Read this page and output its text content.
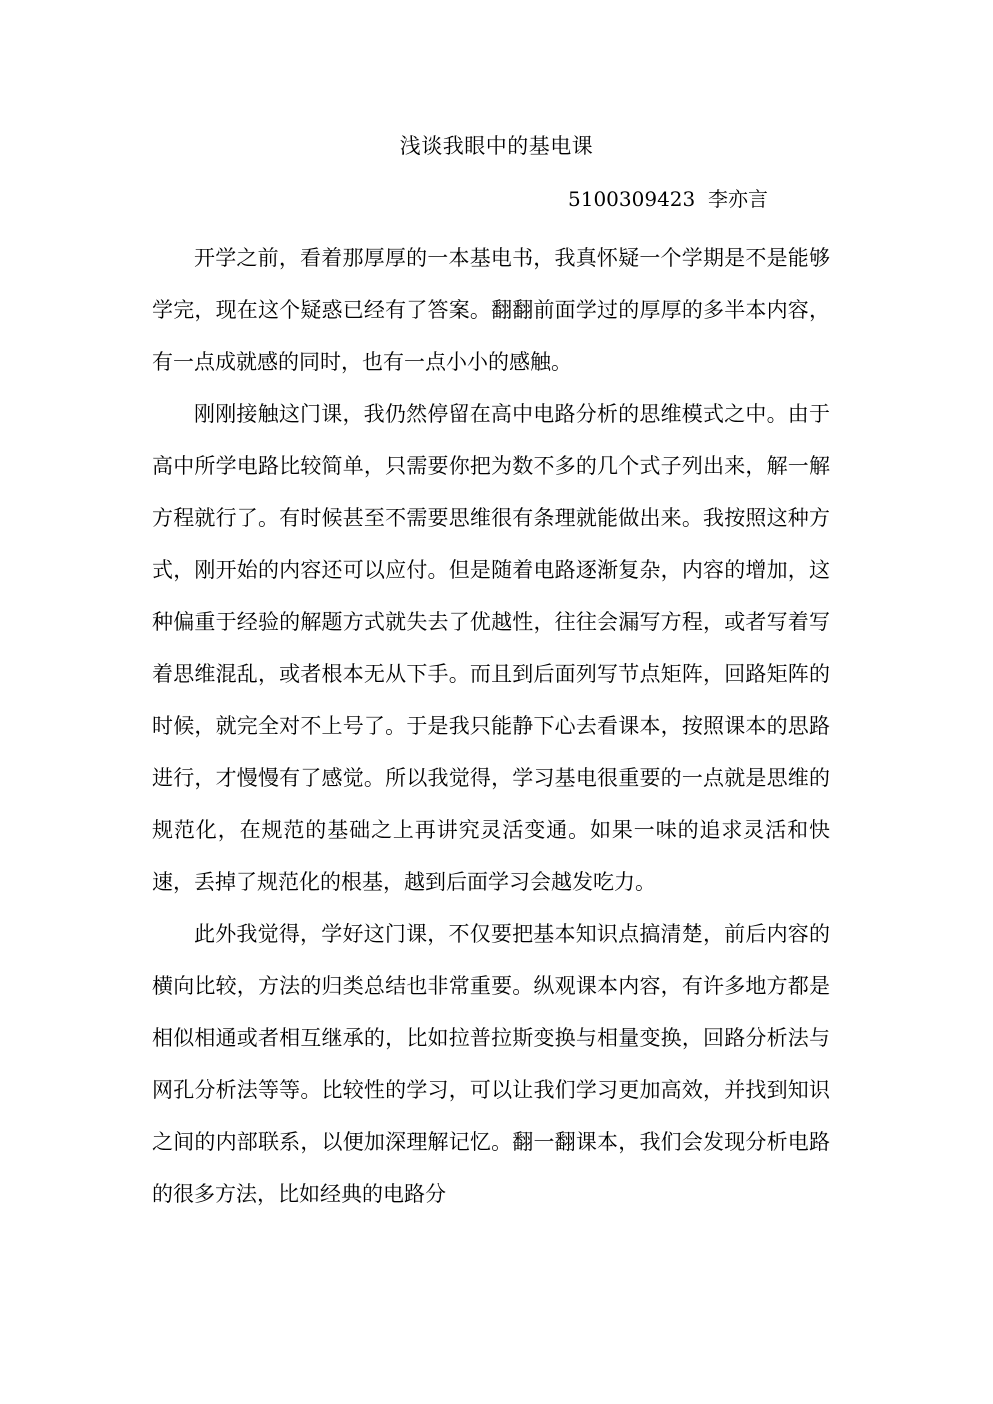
浅谈我眼中的基电课
5100309423  李亦言

开学之前，看着那厚厚的一本基电书，我真怀疑一个学期是不是能够学完，现在这个疑惑已经有了答案。翻翻前面学过的厚厚的多半本内容，有一点成就感的同时，也有一点小小的感触。

刚刚接触这门课，我仍然停留在高中电路分析的思维模式之中。由于高中所学电路比较简单，只需要你把为数不多的几个式子列出来，解一解方程就行了。有时候甚至不需要思维很有条理就能做出来。我按照这种方式，刚开始的内容还可以应付。但是随着电路逐渐复杂，内容的增加，这种偏重于经验的解题方式就失去了优越性，往往会漏写方程，或者写着写着思维混乱，或者根本无从下手。而且到后面列写节点矩阵，回路矩阵的时候，就完全对不上号了。于是我只能静下心去看课本，按照课本的思路进行，才慢慢有了感觉。所以我觉得，学习基电很重要的一点就是思维的规范化，在规范的基础之上再讲究灵活变通。如果一味的追求灵活和快速，丢掉了规范化的根基，越到后面学习会越发吃力。

此外我觉得，学好这门课，不仅要把基本知识点搞清楚，前后内容的横向比较，方法的归类总结也非常重要。纵观课本内容，有许多地方都是相似相通或者相互继承的，比如拉普拉斯变换与相量变换，回路分析法与网孔分析法等等。比较性的学习，可以让我们学习更加高效，并找到知识之间的内部联系，以便加深理解记忆。翻一翻课本，我们会发现分析电路的很多方法，比如经典的电路分
